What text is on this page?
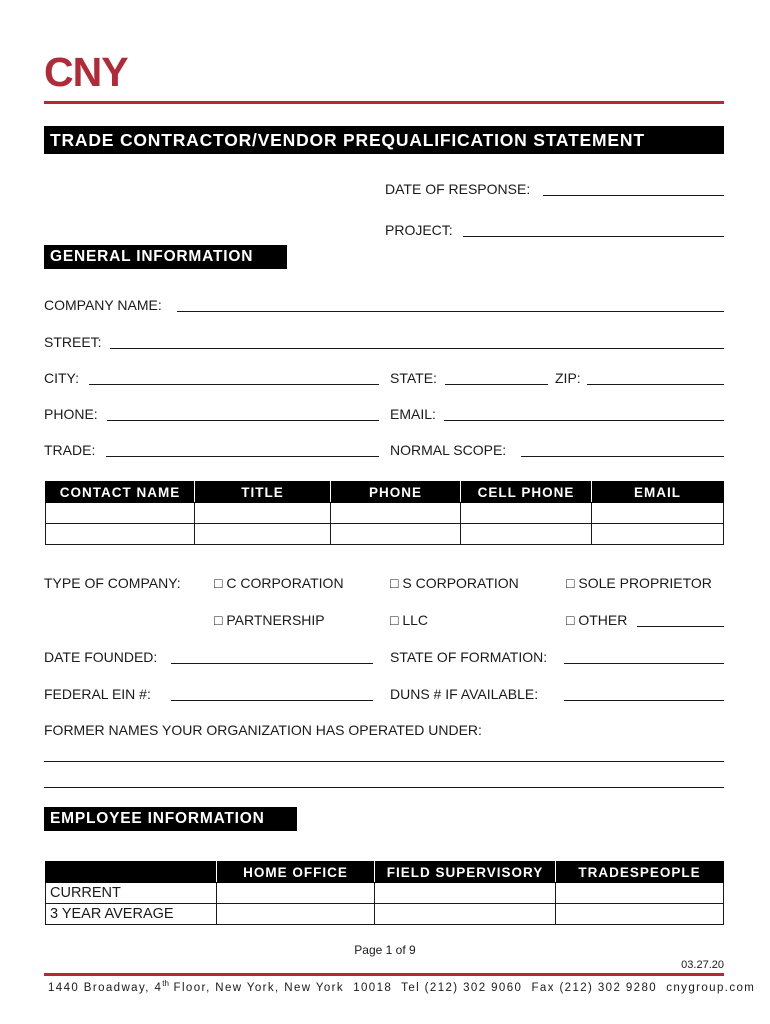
CNY
TRADE CONTRACTOR/VENDOR PREQUALIFICATION STATEMENT
DATE OF RESPONSE:
PROJECT:
GENERAL INFORMATION
COMPANY NAME:
STREET:
CITY:	STATE:	ZIP:
PHONE:	EMAIL:
TRADE:	NORMAL SCOPE:
CONTACT NAME	TITLE	PHONE	CELL PHONE	EMAIL

TYPE OF COMPANY: □ C CORPORATION	□ S CORPORATION	□ SOLE PROPRIETOR
□ PARTNERSHIP	□ LLC	□ OTHER
DATE FOUNDED:	STATE OF FORMATION:
FEDERAL EIN #:	DUNS # IF AVAILABLE:
FORMER NAMES YOUR ORGANIZATION HAS OPERATED UNDER:
EMPLOYEE INFORMATION
	HOME OFFICE	FIELD SUPERVISORY	TRADESPEOPLE
CURRENT			
3 YEAR AVERAGE			
Page 1 of 9
03.27.20
1440 Broadway, 4th Floor, New York, New York  10018  Tel (212) 302 9060  Fax (212) 302 9280  cnygroup.com
